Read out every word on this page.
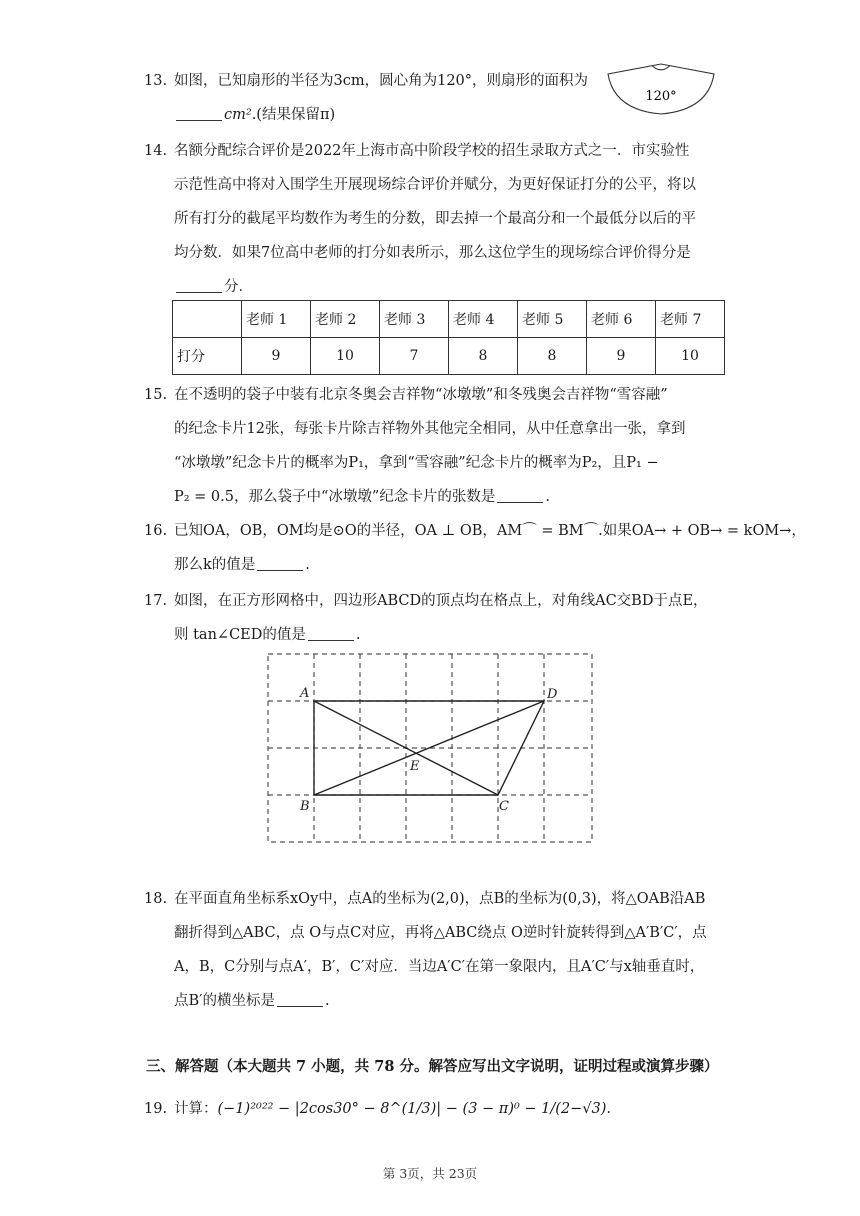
13. 如图，已知扇形的半径为3cm，圆心角为120°，则扇形的面积为
cm².(结果保留π)
120°
14. 名额分配综合评价是2022年上海市高中阶段学校的招生录取方式之一．市实验性
示范性高中将对入围学生开展现场综合评价并赋分，为更好保证打分的公平，将以
所有打分的截尾平均数作为考生的分数，即去掉一个最高分和一个最低分以后的平
均分数．如果7位高中老师的打分如表所示，那么这位学生的现场综合评价得分是
分．
	老师 1	老师 2	老师 3	老师 4	老师 5	老师 6	老师 7
打分	9	10	7	8	8	9	10
15. 在不透明的袋子中装有北京冬奥会吉祥物“冰墩墩”和冬残奥会吉祥物“雪容融”
的纪念卡片12张，每张卡片除吉祥物外其他完全相同，从中任意拿出一张，拿到
“冰墩墩”纪念卡片的概率为P₁，拿到“雪容融”纪念卡片的概率为P₂，且P₁ −
P₂ = 0.5，那么袋子中“冰墩墩”纪念卡片的张数是	.
16. 已知OA，OB，OM均是⊙O的半径，OA ⊥ OB，AM⌒ = BM⌒.如果OA→ + OB→ = kOM→，
那么k的值是	.
17. 如图，在正方形网格中，四边形ABCD的顶点均在格点上，对角线AC交BD于点E，
则 tan∠CED的值是	.
A	D
E
B	C
18. 在平面直角坐标系xOy中，点A的坐标为(2,0)，点B的坐标为(0,3)，将△OAB沿AB
翻折得到△ABC，点 O与点C对应，再将△ABC绕点 O逆时针旋转得到△A′B′C′，点
A，B，C分别与点A′，B′，C′对应．当边A′C′在第一象限内，且A′C′与x轴垂直时，
点B′的横坐标是	.
三、解答题（本大题共 7 小题，共 78 分。解答应写出文字说明，证明过程或演算步骤）
19. 计算：(−1)²⁰²² − |2cos30° − 8^(1/3)| − (3 − π)⁰ − 1/(2−√3).
第 3页，共 23页
